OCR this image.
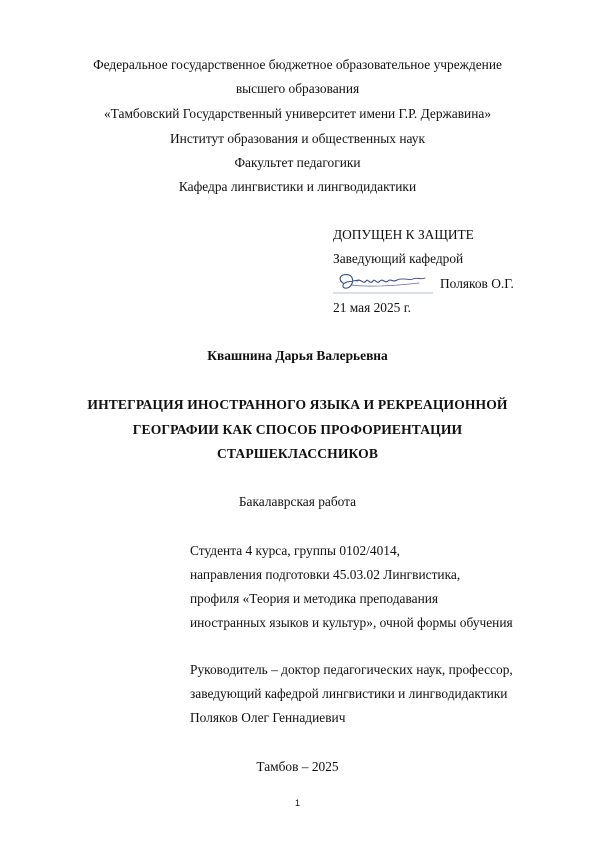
Федеральное государственное бюджетное образовательное учреждение
высшего образования
«Тамбовский Государственный университет имени Г.Р. Державина»
Институт образования и общественных наук
Факультет педагогики
Кафедра лингвистики и лингводидактики
ДОПУЩЕН К ЗАЩИТЕ
Заведующий кафедрой
Поляков О.Г.
21 мая 2025 г.
Квашнина Дарья Валерьевна
ИНТЕГРАЦИЯ ИНОСТРАННОГО ЯЗЫКА И РЕКРЕАЦИОННОЙ
ГЕОГРАФИИ КАК СПОСОБ ПРОФОРИЕНТАЦИИ
СТАРШЕКЛАССНИКОВ
Бакалаврская работа
Студента 4 курса, группы 0102/4014,
направления подготовки 45.03.02 Лингвистика,
профиля «Теория и методика преподавания
иностранных языков и культур», очной формы обучения
Руководитель – доктор педагогических наук, профессор,
заведующий кафедрой лингвистики и лингводидактики
Поляков Олег Геннадиевич
Тамбов – 2025
1
